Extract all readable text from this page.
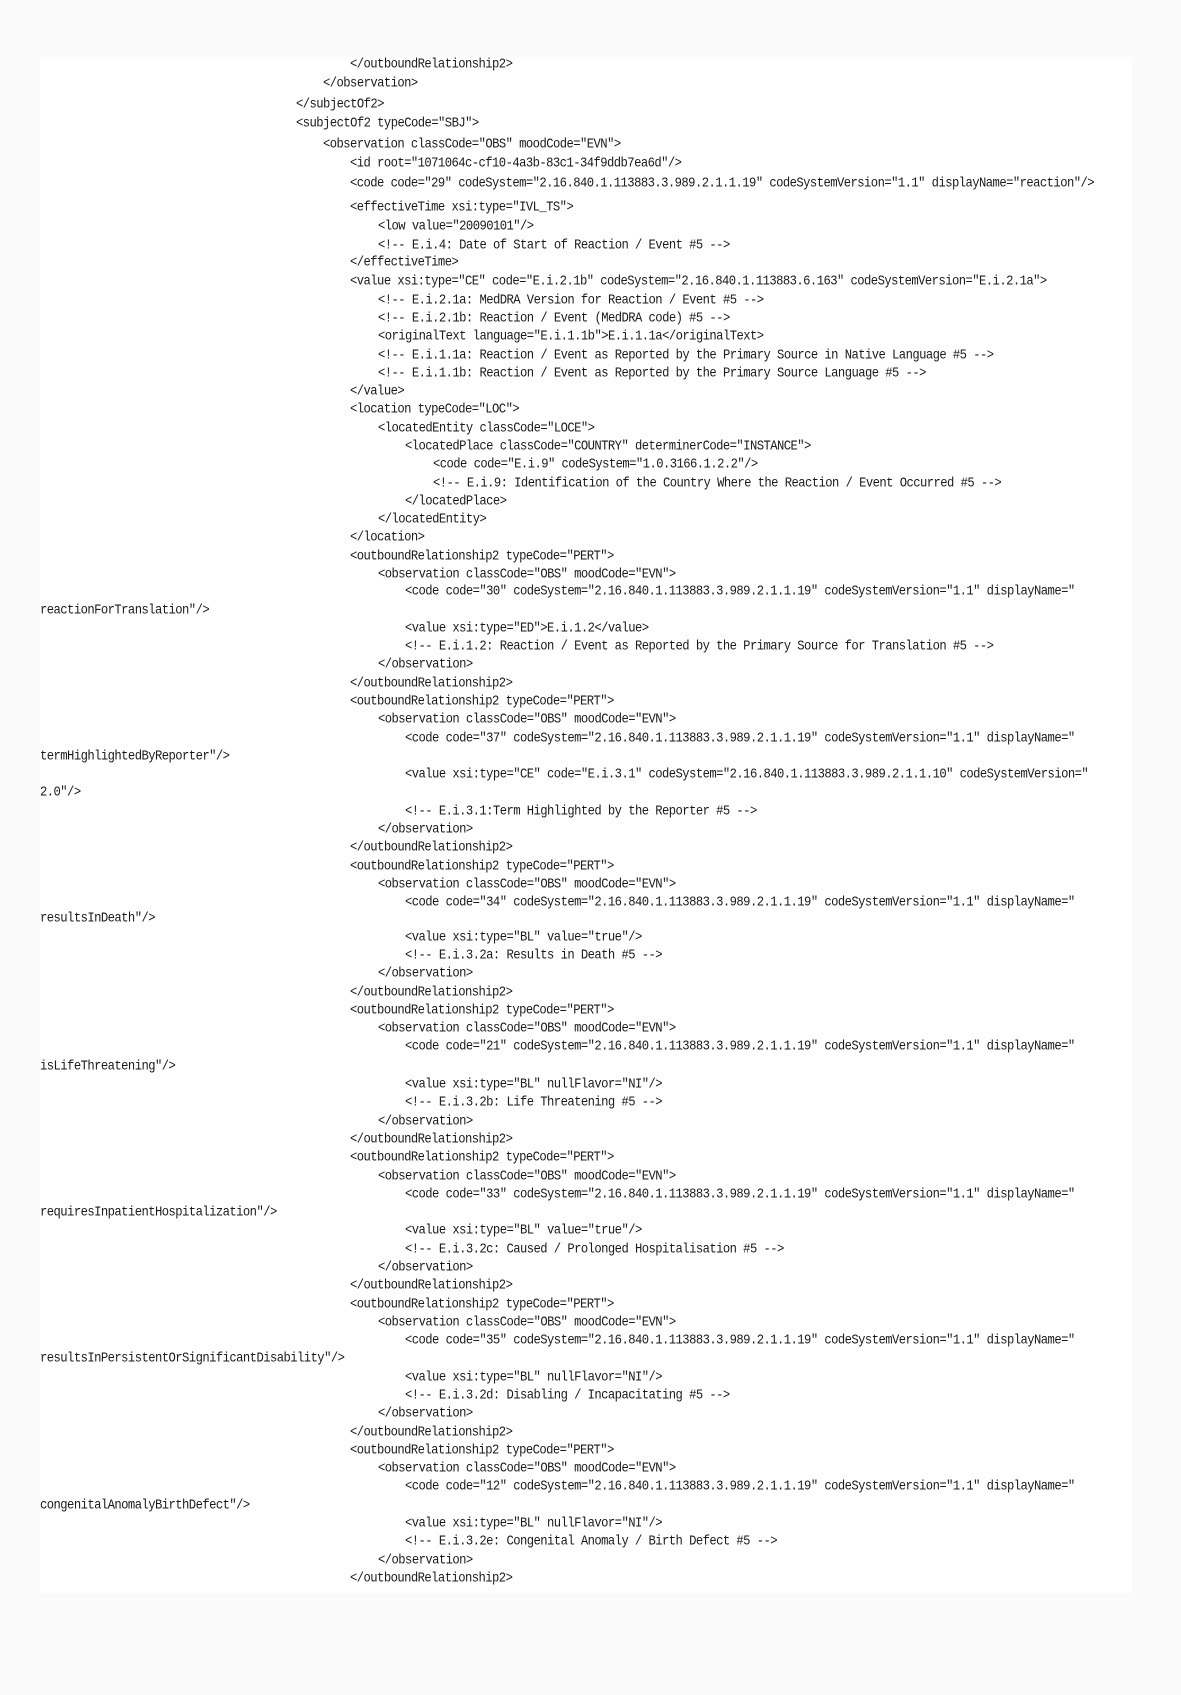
</outboundRelationship2>
</observation>
</subjectOf2>
<subjectOf2 typeCode="SBJ">
<observation classCode="OBS" moodCode="EVN">
<id root="1071064c-cf10-4a3b-83c1-34f9ddb7ea6d"/>
<code code="29" codeSystem="2.16.840.1.113883.3.989.2.1.1.19" codeSystemVersion="1.1" displayName="reaction"/>
<effectiveTime xsi:type="IVL_TS">
<low value="20090101"/>
<!-- E.i.4: Date of Start of Reaction / Event #5 -->
</effectiveTime>
<value xsi:type="CE" code="E.i.2.1b" codeSystem="2.16.840.1.113883.6.163" codeSystemVersion="E.i.2.1a">
<!-- E.i.2.1a: MedDRA Version for Reaction / Event #5 -->
<!-- E.i.2.1b: Reaction / Event (MedDRA code) #5 -->
<originalText language="E.i.1.1b">E.i.1.1a</originalText>
<!-- E.i.1.1a: Reaction / Event as Reported by the Primary Source in Native Language #5 -->
<!-- E.i.1.1b: Reaction / Event as Reported by the Primary Source Language #5 -->
</value>
<location typeCode="LOC">
<locatedEntity classCode="LOCE">
<locatedPlace classCode="COUNTRY" determinerCode="INSTANCE">
<code code="E.i.9" codeSystem="1.0.3166.1.2.2"/>
<!-- E.i.9: Identification of the Country Where the Reaction / Event Occurred #5 -->
</locatedPlace>
</locatedEntity>
</location>
<outboundRelationship2 typeCode="PERT">
<observation classCode="OBS" moodCode="EVN">
<code code="30" codeSystem="2.16.840.1.113883.3.989.2.1.1.19" codeSystemVersion="1.1" displayName="
reactionForTranslation"/>
<value xsi:type="ED">E.i.1.2</value>
<!-- E.i.1.2: Reaction / Event as Reported by the Primary Source for Translation #5 -->
</observation>
</outboundRelationship2>
<outboundRelationship2 typeCode="PERT">
<observation classCode="OBS" moodCode="EVN">
<code code="37" codeSystem="2.16.840.1.113883.3.989.2.1.1.19" codeSystemVersion="1.1" displayName="
termHighlightedByReporter"/>
<value xsi:type="CE" code="E.i.3.1" codeSystem="2.16.840.1.113883.3.989.2.1.1.10" codeSystemVersion="
2.0"/>
<!-- E.i.3.1:Term Highlighted by the Reporter #5 -->
</observation>
</outboundRelationship2>
<outboundRelationship2 typeCode="PERT">
<observation classCode="OBS" moodCode="EVN">
<code code="34" codeSystem="2.16.840.1.113883.3.989.2.1.1.19" codeSystemVersion="1.1" displayName="
resultsInDeath"/>
<value xsi:type="BL" value="true"/>
<!-- E.i.3.2a: Results in Death #5 -->
</observation>
</outboundRelationship2>
<outboundRelationship2 typeCode="PERT">
<observation classCode="OBS" moodCode="EVN">
<code code="21" codeSystem="2.16.840.1.113883.3.989.2.1.1.19" codeSystemVersion="1.1" displayName="
isLifeThreatening"/>
<value xsi:type="BL" nullFlavor="NI"/>
<!-- E.i.3.2b: Life Threatening #5 -->
</observation>
</outboundRelationship2>
<outboundRelationship2 typeCode="PERT">
<observation classCode="OBS" moodCode="EVN">
<code code="33" codeSystem="2.16.840.1.113883.3.989.2.1.1.19" codeSystemVersion="1.1" displayName="
requiresInpatientHospitalization"/>
<value xsi:type="BL" value="true"/>
<!-- E.i.3.2c: Caused / Prolonged Hospitalisation #5 -->
</observation>
</outboundRelationship2>
<outboundRelationship2 typeCode="PERT">
<observation classCode="OBS" moodCode="EVN">
<code code="35" codeSystem="2.16.840.1.113883.3.989.2.1.1.19" codeSystemVersion="1.1" displayName="
resultsInPersistentOrSignificantDisability"/>
<value xsi:type="BL" nullFlavor="NI"/>
<!-- E.i.3.2d: Disabling / Incapacitating #5 -->
</observation>
</outboundRelationship2>
<outboundRelationship2 typeCode="PERT">
<observation classCode="OBS" moodCode="EVN">
<code code="12" codeSystem="2.16.840.1.113883.3.989.2.1.1.19" codeSystemVersion="1.1" displayName="
congenitalAnomalyBirthDefect"/>
<value xsi:type="BL" nullFlavor="NI"/>
<!-- E.i.3.2e: Congenital Anomaly / Birth Defect #5 -->
</observation>
</outboundRelationship2>
